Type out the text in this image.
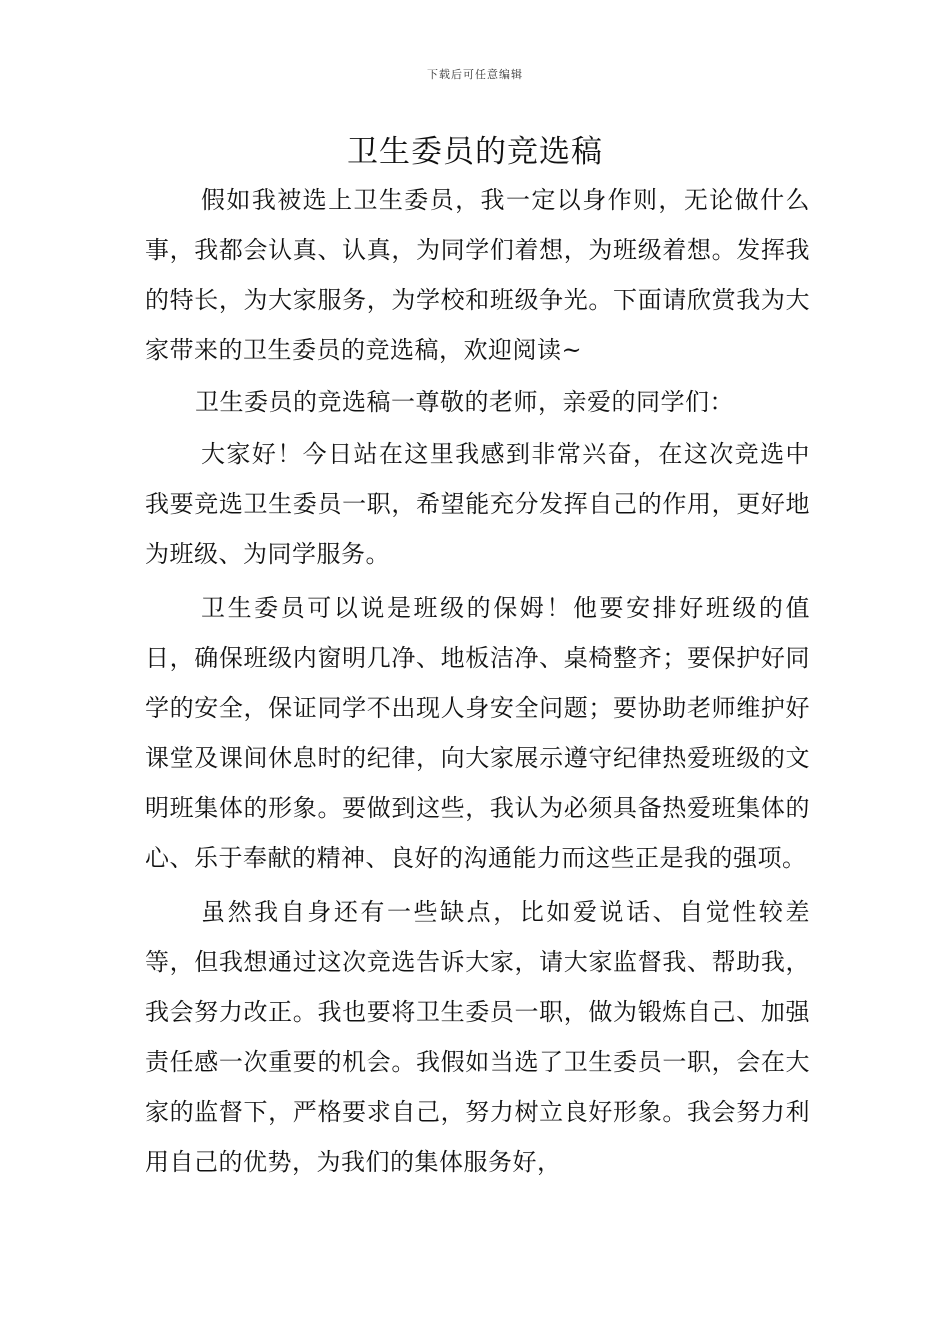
下载后可任意编辑
卫生委员的竞选稿

假如我被选上卫生委员，我一定以身作则，无论做什么事，我都会认真、认真，为同学们着想，为班级着想。发挥我的特长，为大家服务，为学校和班级争光。下面请欣赏我为大家带来的卫生委员的竞选稿，欢迎阅读~

卫生委员的竞选稿一尊敬的老师，亲爱的同学们：

大家好！今日站在这里我感到非常兴奋，在这次竞选中我要竞选卫生委员一职，希望能充分发挥自己的作用，更好地为班级、为同学服务。

卫生委员可以说是班级的保姆！他要安排好班级的值日，确保班级内窗明几净、地板洁净、桌椅整齐；要保护好同学的安全，保证同学不出现人身安全问题；要协助老师维护好课堂及课间休息时的纪律，向大家展示遵守纪律热爱班级的文明班集体的形象。要做到这些，我认为必须具备热爱班集体的心、乐于奉献的精神、良好的沟通能力而这些正是我的强项。

虽然我自身还有一些缺点，比如爱说话、自觉性较差等，但我想通过这次竞选告诉大家，请大家监督我、帮助我，我会努力改正。我也要将卫生委员一职，做为锻炼自己、加强责任感一次重要的机会。我假如当选了卫生委员一职，会在大家的监督下，严格要求自己，努力树立良好形象。我会努力利用自己的优势，为我们的集体服务好，
